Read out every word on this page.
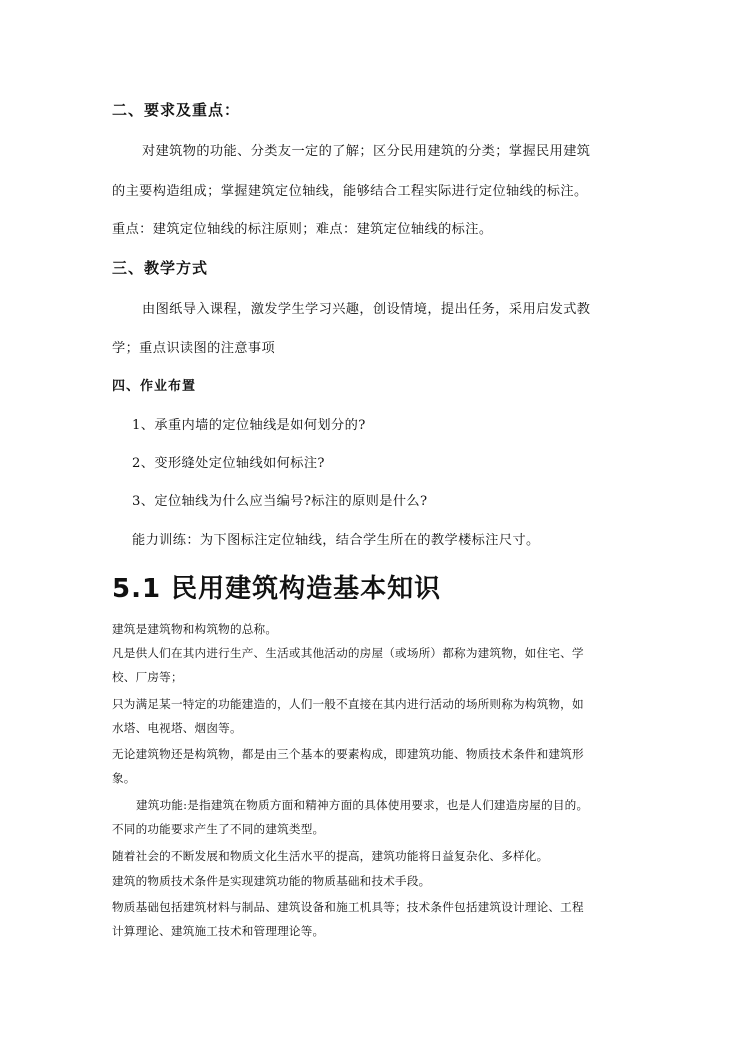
二、要求及重点：
对建筑物的功能、分类友一定的了解；区分民用建筑的分类；掌握民用建筑
的主要构造组成；掌握建筑定位轴线，能够结合工程实际进行定位轴线的标注。
重点：建筑定位轴线的标注原则；难点：建筑定位轴线的标注。
三、教学方式
由图纸导入课程，激发学生学习兴趣，创设情境，提出任务，采用启发式教
学；重点识读图的注意事项
四、作业布置
1、承重内墙的定位轴线是如何划分的?
2、变形缝处定位轴线如何标注?
3、定位轴线为什么应当编号?标注的原则是什么?
能力训练：为下图标注定位轴线，结合学生所在的教学楼标注尺寸。
5.1 民用建筑构造基本知识
建筑是建筑物和构筑物的总称。
凡是供人们在其内进行生产、生活或其他活动的房屋（或场所）都称为建筑物，如住宅、学
校、厂房等；
只为满足某一特定的功能建造的，人们一般不直接在其内进行活动的场所则称为构筑物，如
水塔、电视塔、烟囱等。
无论建筑物还是构筑物，都是由三个基本的要素构成，即建筑功能、物质技术条件和建筑形
象。
建筑功能:是指建筑在物质方面和精神方面的具体使用要求，也是人们建造房屋的目的。
不同的功能要求产生了不同的建筑类型。
随着社会的不断发展和物质文化生活水平的提高，建筑功能将日益复杂化、多样化。
建筑的物质技术条件是实现建筑功能的物质基础和技术手段。
物质基础包括建筑材料与制品、建筑设备和施工机具等；技术条件包括建筑设计理论、工程
计算理论、建筑施工技术和管理理论等。
